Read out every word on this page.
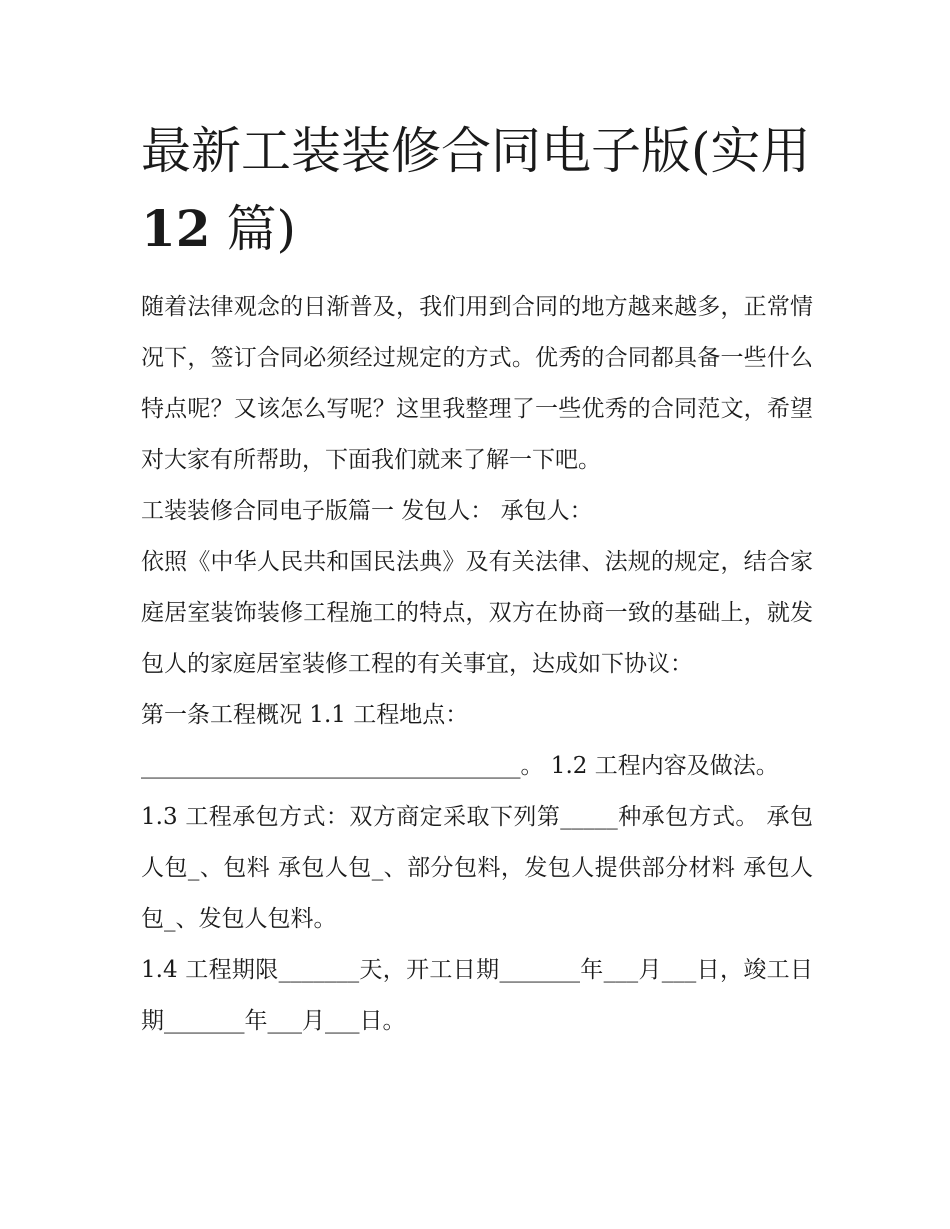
最新工装装修合同电子版(实用
12 篇)

随着法律观念的日渐普及，我们用到合同的地方越来越多，正常情况下，签订合同必须经过规定的方式。优秀的合同都具备一些什么特点呢？又该怎么写呢？这里我整理了一些优秀的合同范文，希望对大家有所帮助，下面我们就来了解一下吧。

工装装修合同电子版篇一 发包人： 承包人：

依照《中华人民共和国民法典》及有关法律、法规的规定，结合家庭居室装饰装修工程施工的特点，双方在协商一致的基础上，就发包人的家庭居室装修工程的有关事宜，达成如下协议：

第一条工程概况 1.1 工程地点：

_________________________________。 1.2 工程内容及做法。

1.3 工程承包方式：双方商定采取下列第_____种承包方式。 承包人包_、包料 承包人包_、部分包料，发包人提供部分材料 承包人包_、发包人包料。

1.4 工程期限_______天，开工日期_______年___月___日，竣工日期_______年___月___日。
